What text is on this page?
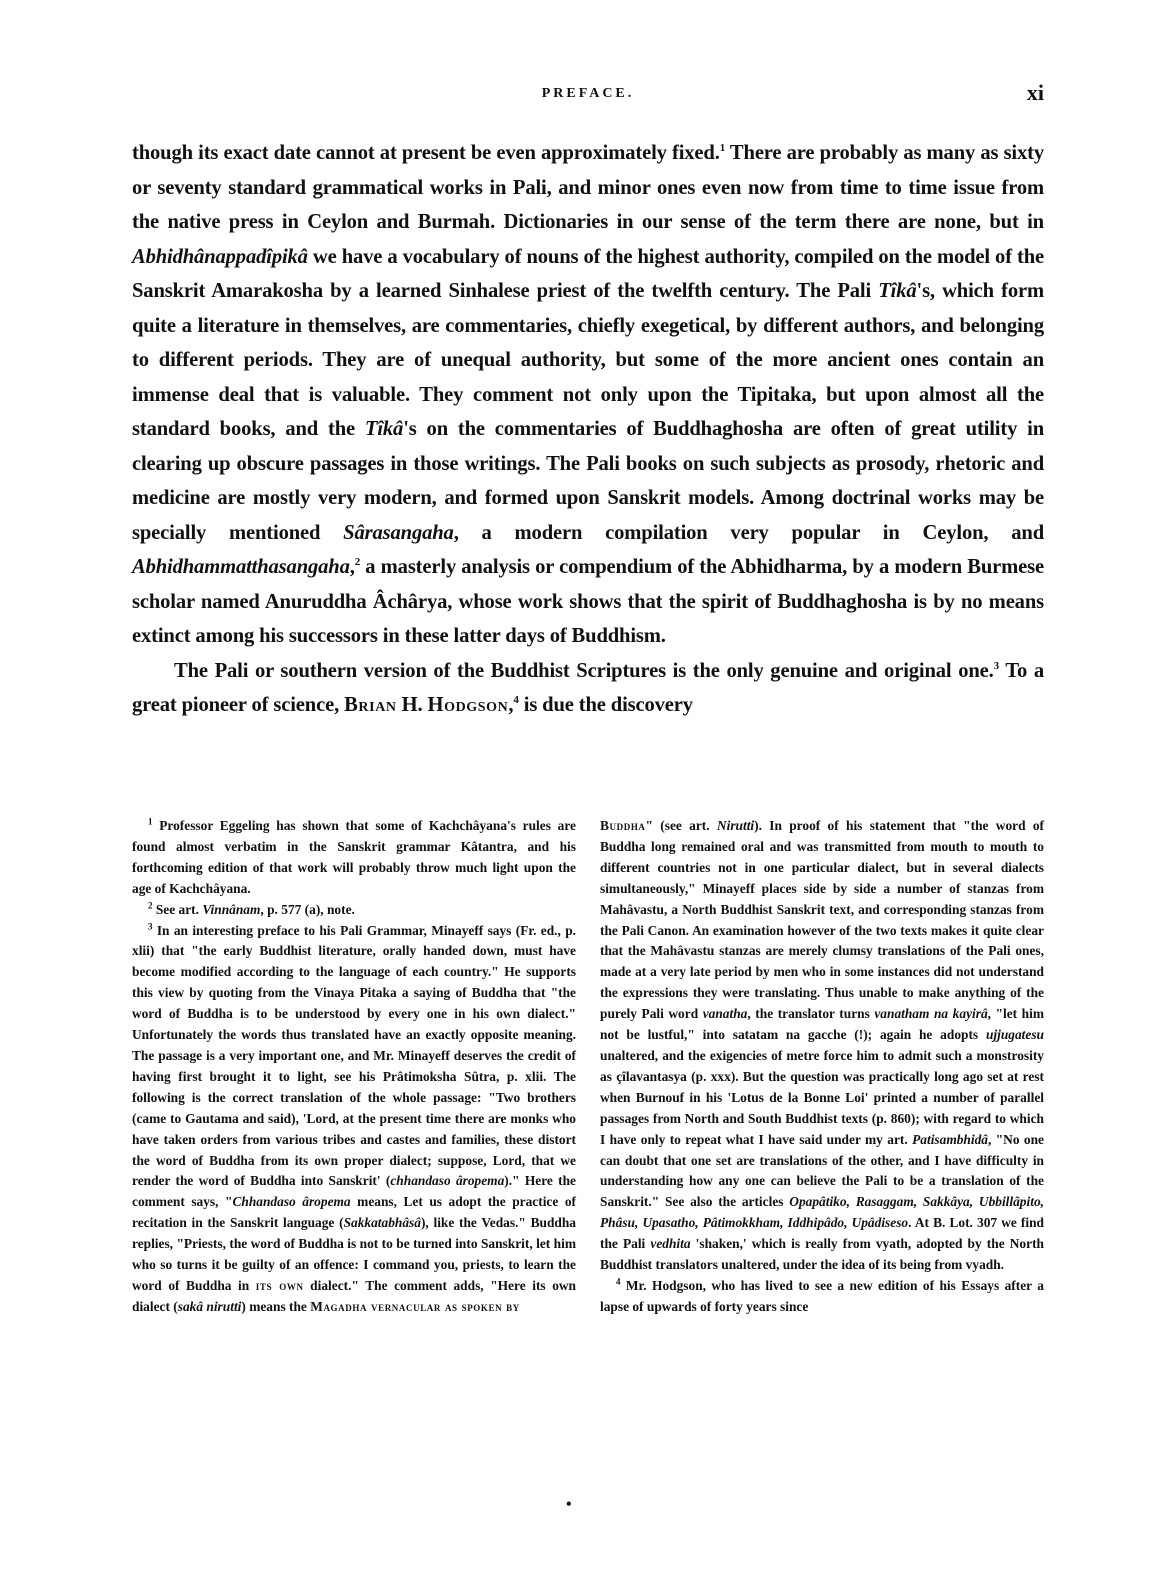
PREFACE.	xi

though its exact date cannot at present be even approximately fixed.$^1$ There are probably as many as sixty or seventy standard grammatical works in Pali, and minor ones even now from time to time issue from the native press in Ceylon and Burmah. Dictionaries in our sense of the term there are none, but in Abhidhânappadîpikâ we have a vocabulary of nouns of the highest authority, compiled on the model of the Sanskrit Amarakosha by a learned Sinhalese priest of the twelfth century. The Pali Tîkâ's, which form quite a literature in themselves, are commentaries, chiefly exegetical, by different authors, and belonging to different periods. They are of unequal authority, but some of the more ancient ones contain an immense deal that is valuable. They comment not only upon the Tipitaka, but upon almost all the standard books, and the Tîkâ's on the commentaries of Buddhaghosha are often of great utility in clearing up obscure passages in those writings. The Pali books on such subjects as prosody, rhetoric and medicine are mostly very modern, and formed upon Sanskrit models. Among doctrinal works may be specially mentioned Sârasangaha, a modern compilation very popular in Ceylon, and Abhidhammatthasangaha,$^2$ a masterly analysis or compendium of the Abhidharma, by a modern Burmese scholar named Anuruddha Âchârya, whose work shows that the spirit of Buddhaghosha is by no means extinct among his successors in these latter days of Buddhism.

The Pali or southern version of the Buddhist Scriptures is the only genuine and original one.$^3$ To a great pioneer of science, Brian H. Hodgson,$^4$ is due the discovery

$^1$ Professor Eggeling has shown that some of Kachchâyana's rules are found almost verbatim in the Sanskrit grammar Kâtantra, and his forthcoming edition of that work will probably throw much light upon the age of Kachchâyana.

$^2$ See art. Vinnânam, p. 577 (a), note.

$^3$ In an interesting preface to his Pali Grammar, Minayeff says (Fr. ed., p. xlii) that "the early Buddhist literature, orally handed down, must have become modified according to the language of each country." He supports this view by quoting from the Vinaya Pitaka a saying of Buddha that "the word of Buddha is to be understood by every one in his own dialect." Unfortunately the words thus translated have an exactly opposite meaning. The passage is a very important one, and Mr. Minayeff deserves the credit of having first brought it to light, see his Prâtimoksha Sûtra, p. xlii. The following is the correct translation of the whole passage: "Two brothers (came to Gautama and said), 'Lord, at the present time there are monks who have taken orders from various tribes and castes and families, these distort the word of Buddha from its own proper dialect; suppose, Lord, that we render the word of Buddha into Sanskrit' (chhandaso âropema)." Here the comment says, "Chhandaso âropema means, Let us adopt the practice of recitation in the Sanskrit language (Sakkatabhâsâ), like the Vedas." Buddha replies, "Priests, the word of Buddha is not to be turned into Sanskrit, let him who so turns it be guilty of an offence: I command you, priests, to learn the word of Buddha in its own dialect." The comment adds, "Here its own dialect (sakâ nirutti) means the Magadha vernacular as spoken by

Buddha" (see art. Nirutti). In proof of his statement that "the word of Buddha long remained oral and was transmitted from mouth to mouth to different countries not in one particular dialect, but in several dialects simultaneously," Minayeff places side by side a number of stanzas from Mahâvastu, a North Buddhist Sanskrit text, and corresponding stanzas from the Pali Canon. An examination however of the two texts makes it quite clear that the Mahâvastu stanzas are merely clumsy translations of the Pali ones, made at a very late period by men who in some instances did not understand the expressions they were translating. Thus unable to make anything of the purely Pali word vanatha, the translator turns vanatham na kayirâ, "let him not be lustful," into satatam na gacche (!); again he adopts ujjugatesu unaltered, and the exigencies of metre force him to admit such a monstrosity as çîlavantasya (p. xxx). But the question was practically long ago set at rest when Burnouf in his 'Lotus de la Bonne Loi' printed a number of parallel passages from North and South Buddhist texts (p. 860); with regard to which I have only to repeat what I have said under my art. Patisambhidâ, "No one can doubt that one set are translations of the other, and I have difficulty in understanding how any one can believe the Pali to be a translation of the Sanskrit." See also the articles Opapâtiko, Rasaggam, Sakkâya, Ubbillâpito, Phâsu, Upasatho, Pâtimokkham, Iddhipâdo, Upâdiseso. At B. Lot. 307 we find the Pali vedhita 'shaken,' which is really from vyath, adopted by the North Buddhist translators unaltered, under the idea of its being from vyadh.

$^4$ Mr. Hodgson, who has lived to see a new edition of his Essays after a lapse of upwards of forty years since

•
